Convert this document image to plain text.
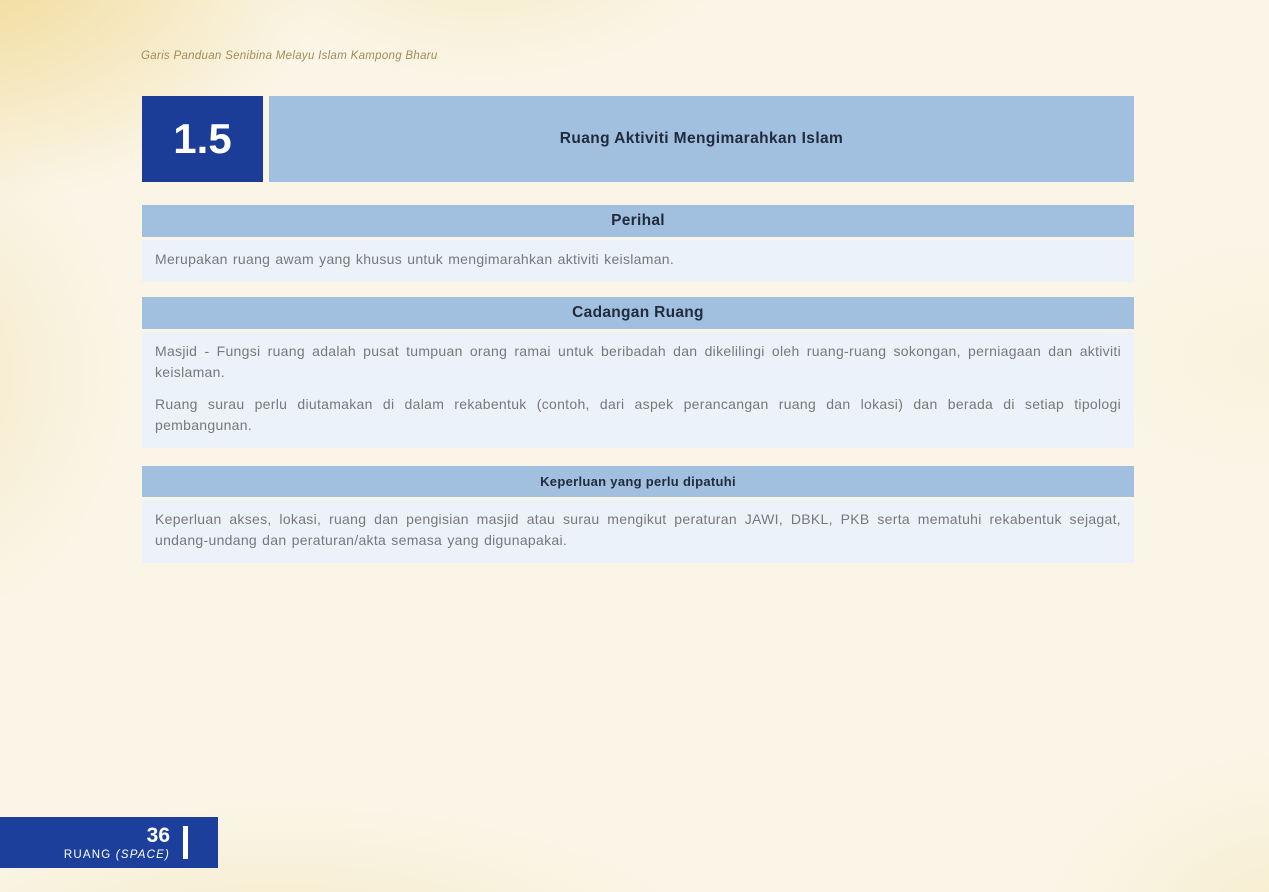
Garis Panduan Senibina Melayu Islam Kampong Bharu
1.5	Ruang Aktiviti Mengimarahkan Islam
Perihal

Merupakan ruang awam yang khusus untuk mengimarahkan aktiviti keislaman.

Cadangan Ruang

Masjid - Fungsi ruang adalah pusat tumpuan orang ramai untuk beribadah dan dikelilingi oleh ruang-ruang sokongan, perniagaan dan aktiviti keislaman.

Ruang surau perlu diutamakan di dalam rekabentuk (contoh, dari aspek perancangan ruang dan lokasi) dan berada di setiap tipologi pembangunan.

Keperluan yang perlu dipatuhi

Keperluan akses, lokasi, ruang dan pengisian masjid atau surau mengikut peraturan JAWI, DBKL, PKB serta mematuhi rekabentuk sejagat, undang-undang dan peraturan/akta semasa yang digunapakai.

36
RUANG (SPACE)
